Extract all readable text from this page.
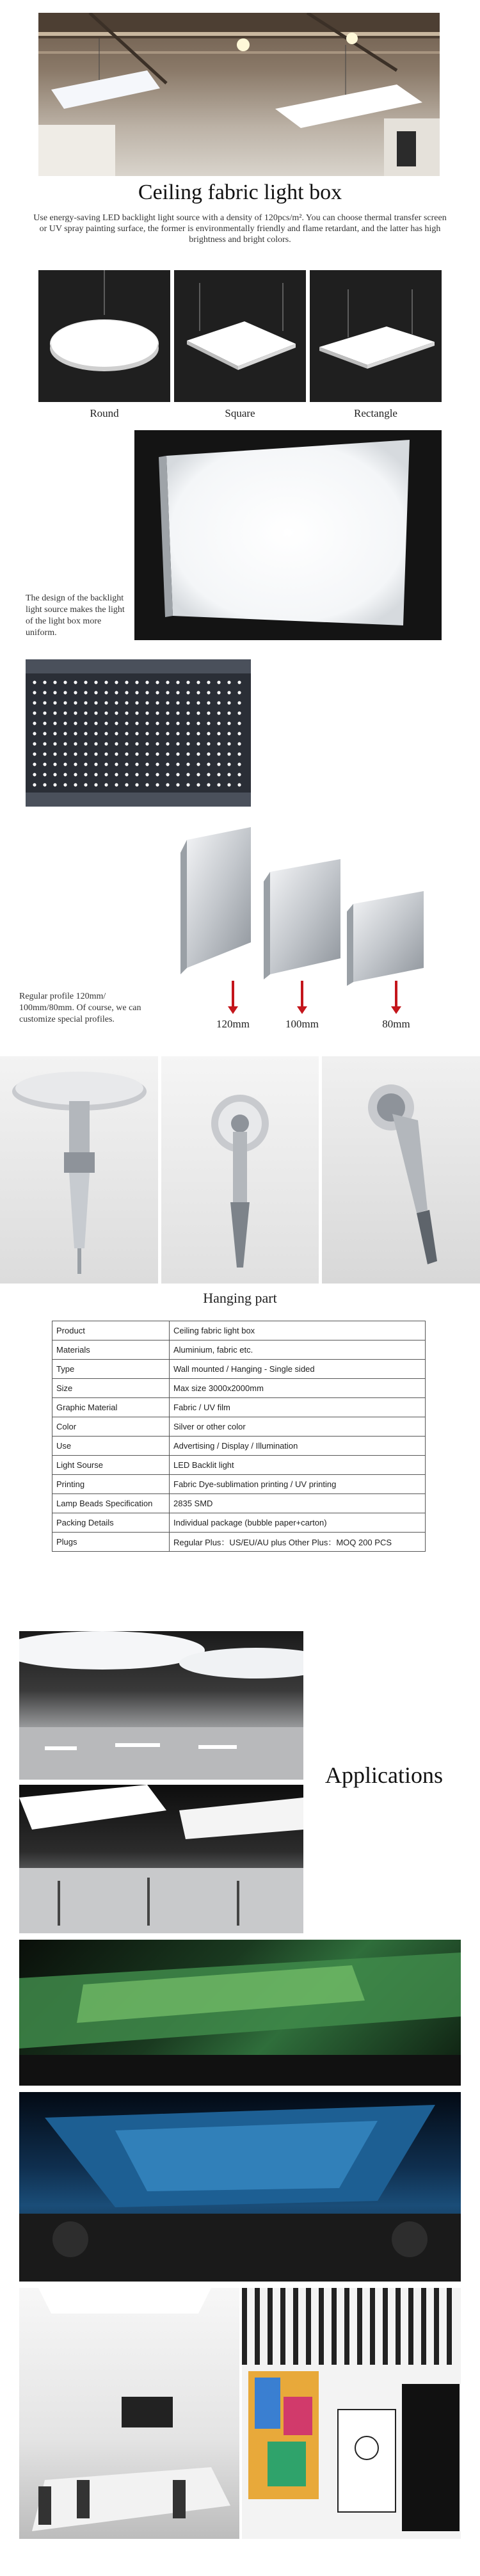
Ceiling fabric light box
Use energy-saving LED backlight light source with a density of 120pcs/m². You can choose thermal transfer screen or UV spray painting surface, the former is environmentally friendly and flame retardant, and the latter has high brightness and bright colors.
Round	Square	Rectangle
The design of the backlight light source makes the light of the light box more uniform.
Regular profile 120mm/ 100mm/80mm. Of course, we can customize special profiles.	120mm	100mm	80mm
Hanging part
Product	Ceiling fabric light box
Materials	Aluminium, fabric etc.
Type	Wall mounted / Hanging - Single sided
Size	Max size 3000x2000mm
Graphic Material	Fabric / UV film
Color	Silver or other color
Use	Advertising / Display / Illumination
Light Sourse	LED Backlit light
Printing	Fabric Dye-sublimation printing / UV printing
Lamp Beads Specification	2835 SMD
Packing Details	Individual package (bubble paper+carton)
Plugs	Regular Plus：US/EU/AU plus Other Plus：MOQ 200 PCS
Applications
